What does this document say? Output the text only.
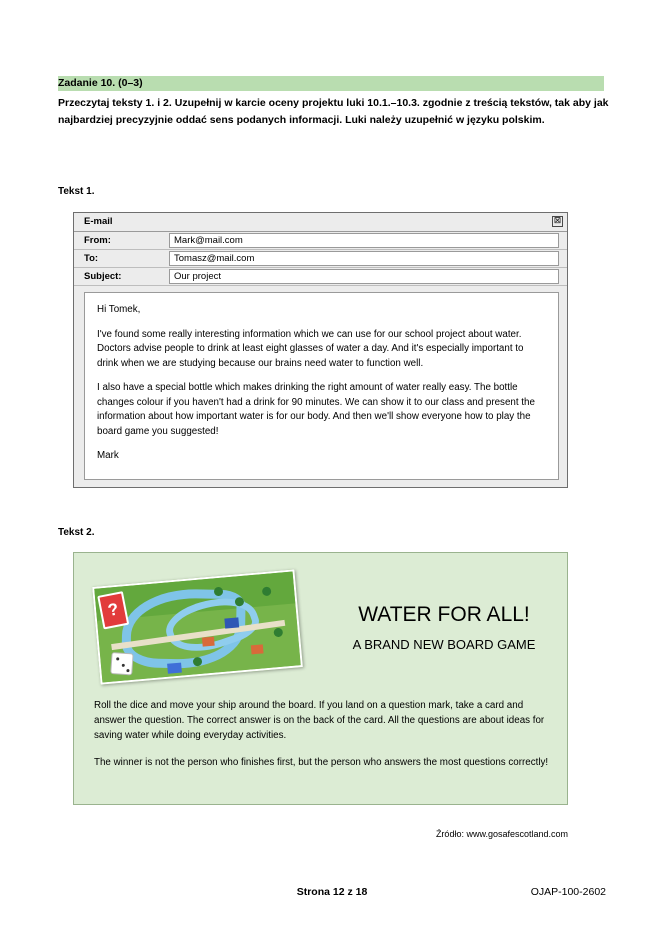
Zadanie 10. (0–3)
Przeczytaj teksty 1. i 2. Uzupełnij w karcie oceny projektu luki 10.1.–10.3. zgodnie z treścią tekstów, tak aby jak najbardziej precyzyjnie oddać sens podanych informacji. Luki należy uzupełnić w języku polskim.
Tekst 1.
E-mail	⊠
From:	Mark@mail.com
To:	Tomasz@mail.com
Subject:	Our project

Hi Tomek,

I've found some really interesting information which we can use for our school project about water. Doctors advise people to drink at least eight glasses of water a day. And it's especially important to drink when we are studying because our brains need water to function well.

I also have a special bottle which makes drinking the right amount of water really easy. The bottle changes colour if you haven't had a drink for 90 minutes. We can show it to our class and present the information about how important water is for our body. And then we'll show everyone how to play the board game you suggested!

Mark

Tekst 2.
?	WATER FOR ALL!
A BRAND NEW BOARD GAME

Roll the dice and move your ship around the board. If you land on a question mark, take a card and answer the question. The correct answer is on the back of the card. All the questions are about ideas for saving water while doing everyday activities.

The winner is not the person who finishes first, but the person who answers the most questions correctly!

Źródło: www.gosafescotland.com
Strona 12 z 18	OJAP-100-2602
